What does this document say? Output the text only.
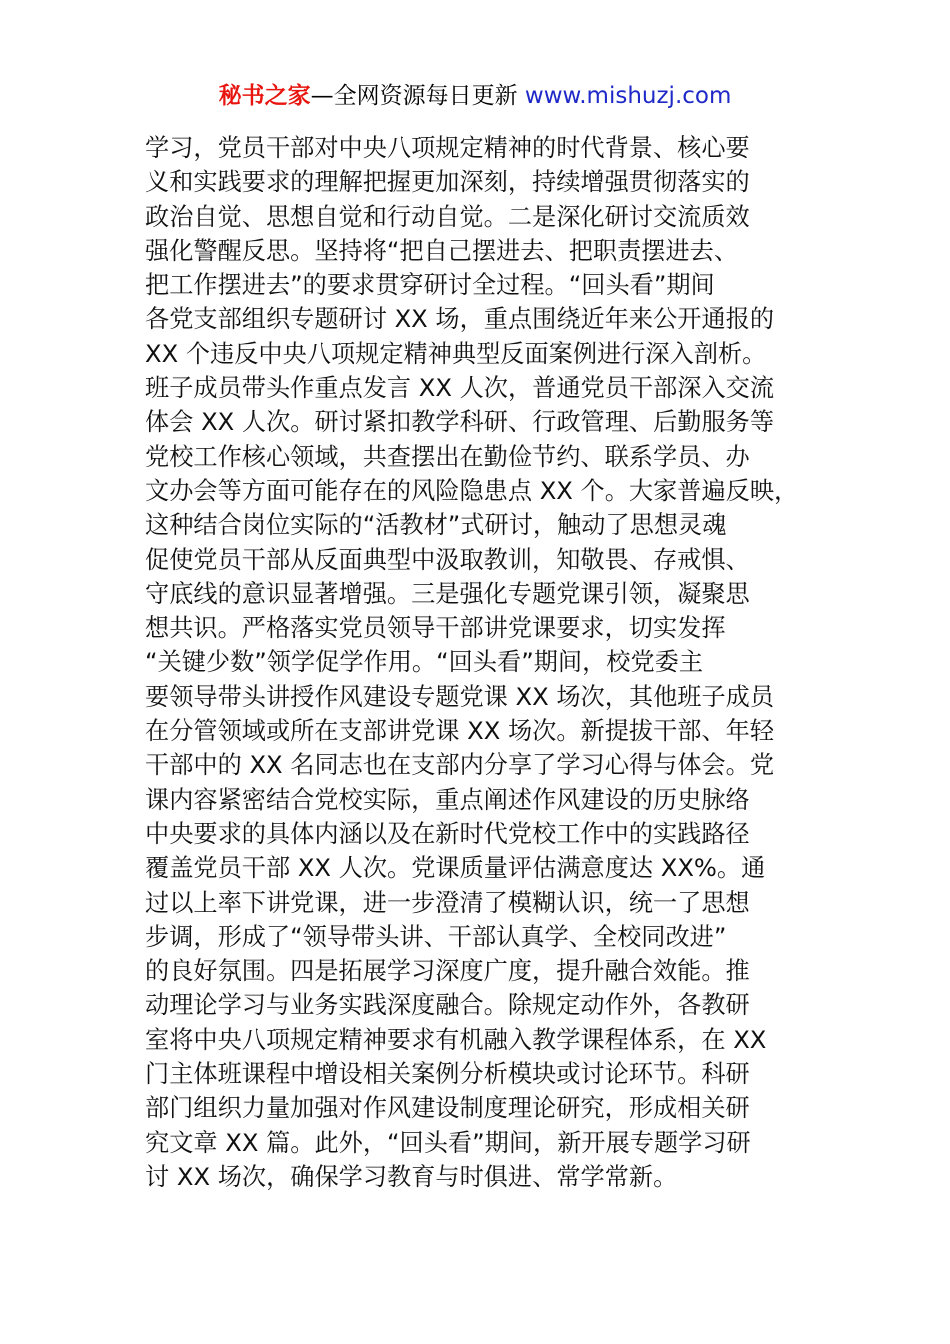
秘书之家—全网资源每日更新 www.mishuzj.com
学习，党员干部对中央八项规定精神的时代背景、核心要
义和实践要求的理解把握更加深刻，持续增强贯彻落实的
政治自觉、思想自觉和行动自觉。二是深化研讨交流质效
强化警醒反思。坚持将“把自己摆进去、把职责摆进去、
把工作摆进去”的要求贯穿研讨全过程。“回头看”期间
各党支部组织专题研讨 XX 场，重点围绕近年来公开通报的
XX 个违反中央八项规定精神典型反面案例进行深入剖析。
班子成员带头作重点发言 XX 人次，普通党员干部深入交流
体会 XX 人次。研讨紧扣教学科研、行政管理、后勤服务等
党校工作核心领域，共查摆出在勤俭节约、联系学员、办
文办会等方面可能存在的风险隐患点 XX 个。大家普遍反映，
这种结合岗位实际的“活教材”式研讨，触动了思想灵魂
促使党员干部从反面典型中汲取教训，知敬畏、存戒惧、
守底线的意识显著增强。三是强化专题党课引领，凝聚思
想共识。严格落实党员领导干部讲党课要求，切实发挥
“关键少数”领学促学作用。“回头看”期间，校党委主
要领导带头讲授作风建设专题党课 XX 场次，其他班子成员
在分管领域或所在支部讲党课 XX 场次。新提拔干部、年轻
干部中的 XX 名同志也在支部内分享了学习心得与体会。党
课内容紧密结合党校实际，重点阐述作风建设的历史脉络
中央要求的具体内涵以及在新时代党校工作中的实践路径
覆盖党员干部 XX 人次。党课质量评估满意度达 XX%。通
过以上率下讲党课，进一步澄清了模糊认识，统一了思想
步调，形成了“领导带头讲、干部认真学、全校同改进”
的良好氛围。四是拓展学习深度广度，提升融合效能。推
动理论学习与业务实践深度融合。除规定动作外，各教研
室将中央八项规定精神要求有机融入教学课程体系，在 XX
门主体班课程中增设相关案例分析模块或讨论环节。科研
部门组织力量加强对作风建设制度理论研究，形成相关研
究文章 XX 篇。此外，“回头看”期间，新开展专题学习研
讨 XX 场次，确保学习教育与时俱进、常学常新。
